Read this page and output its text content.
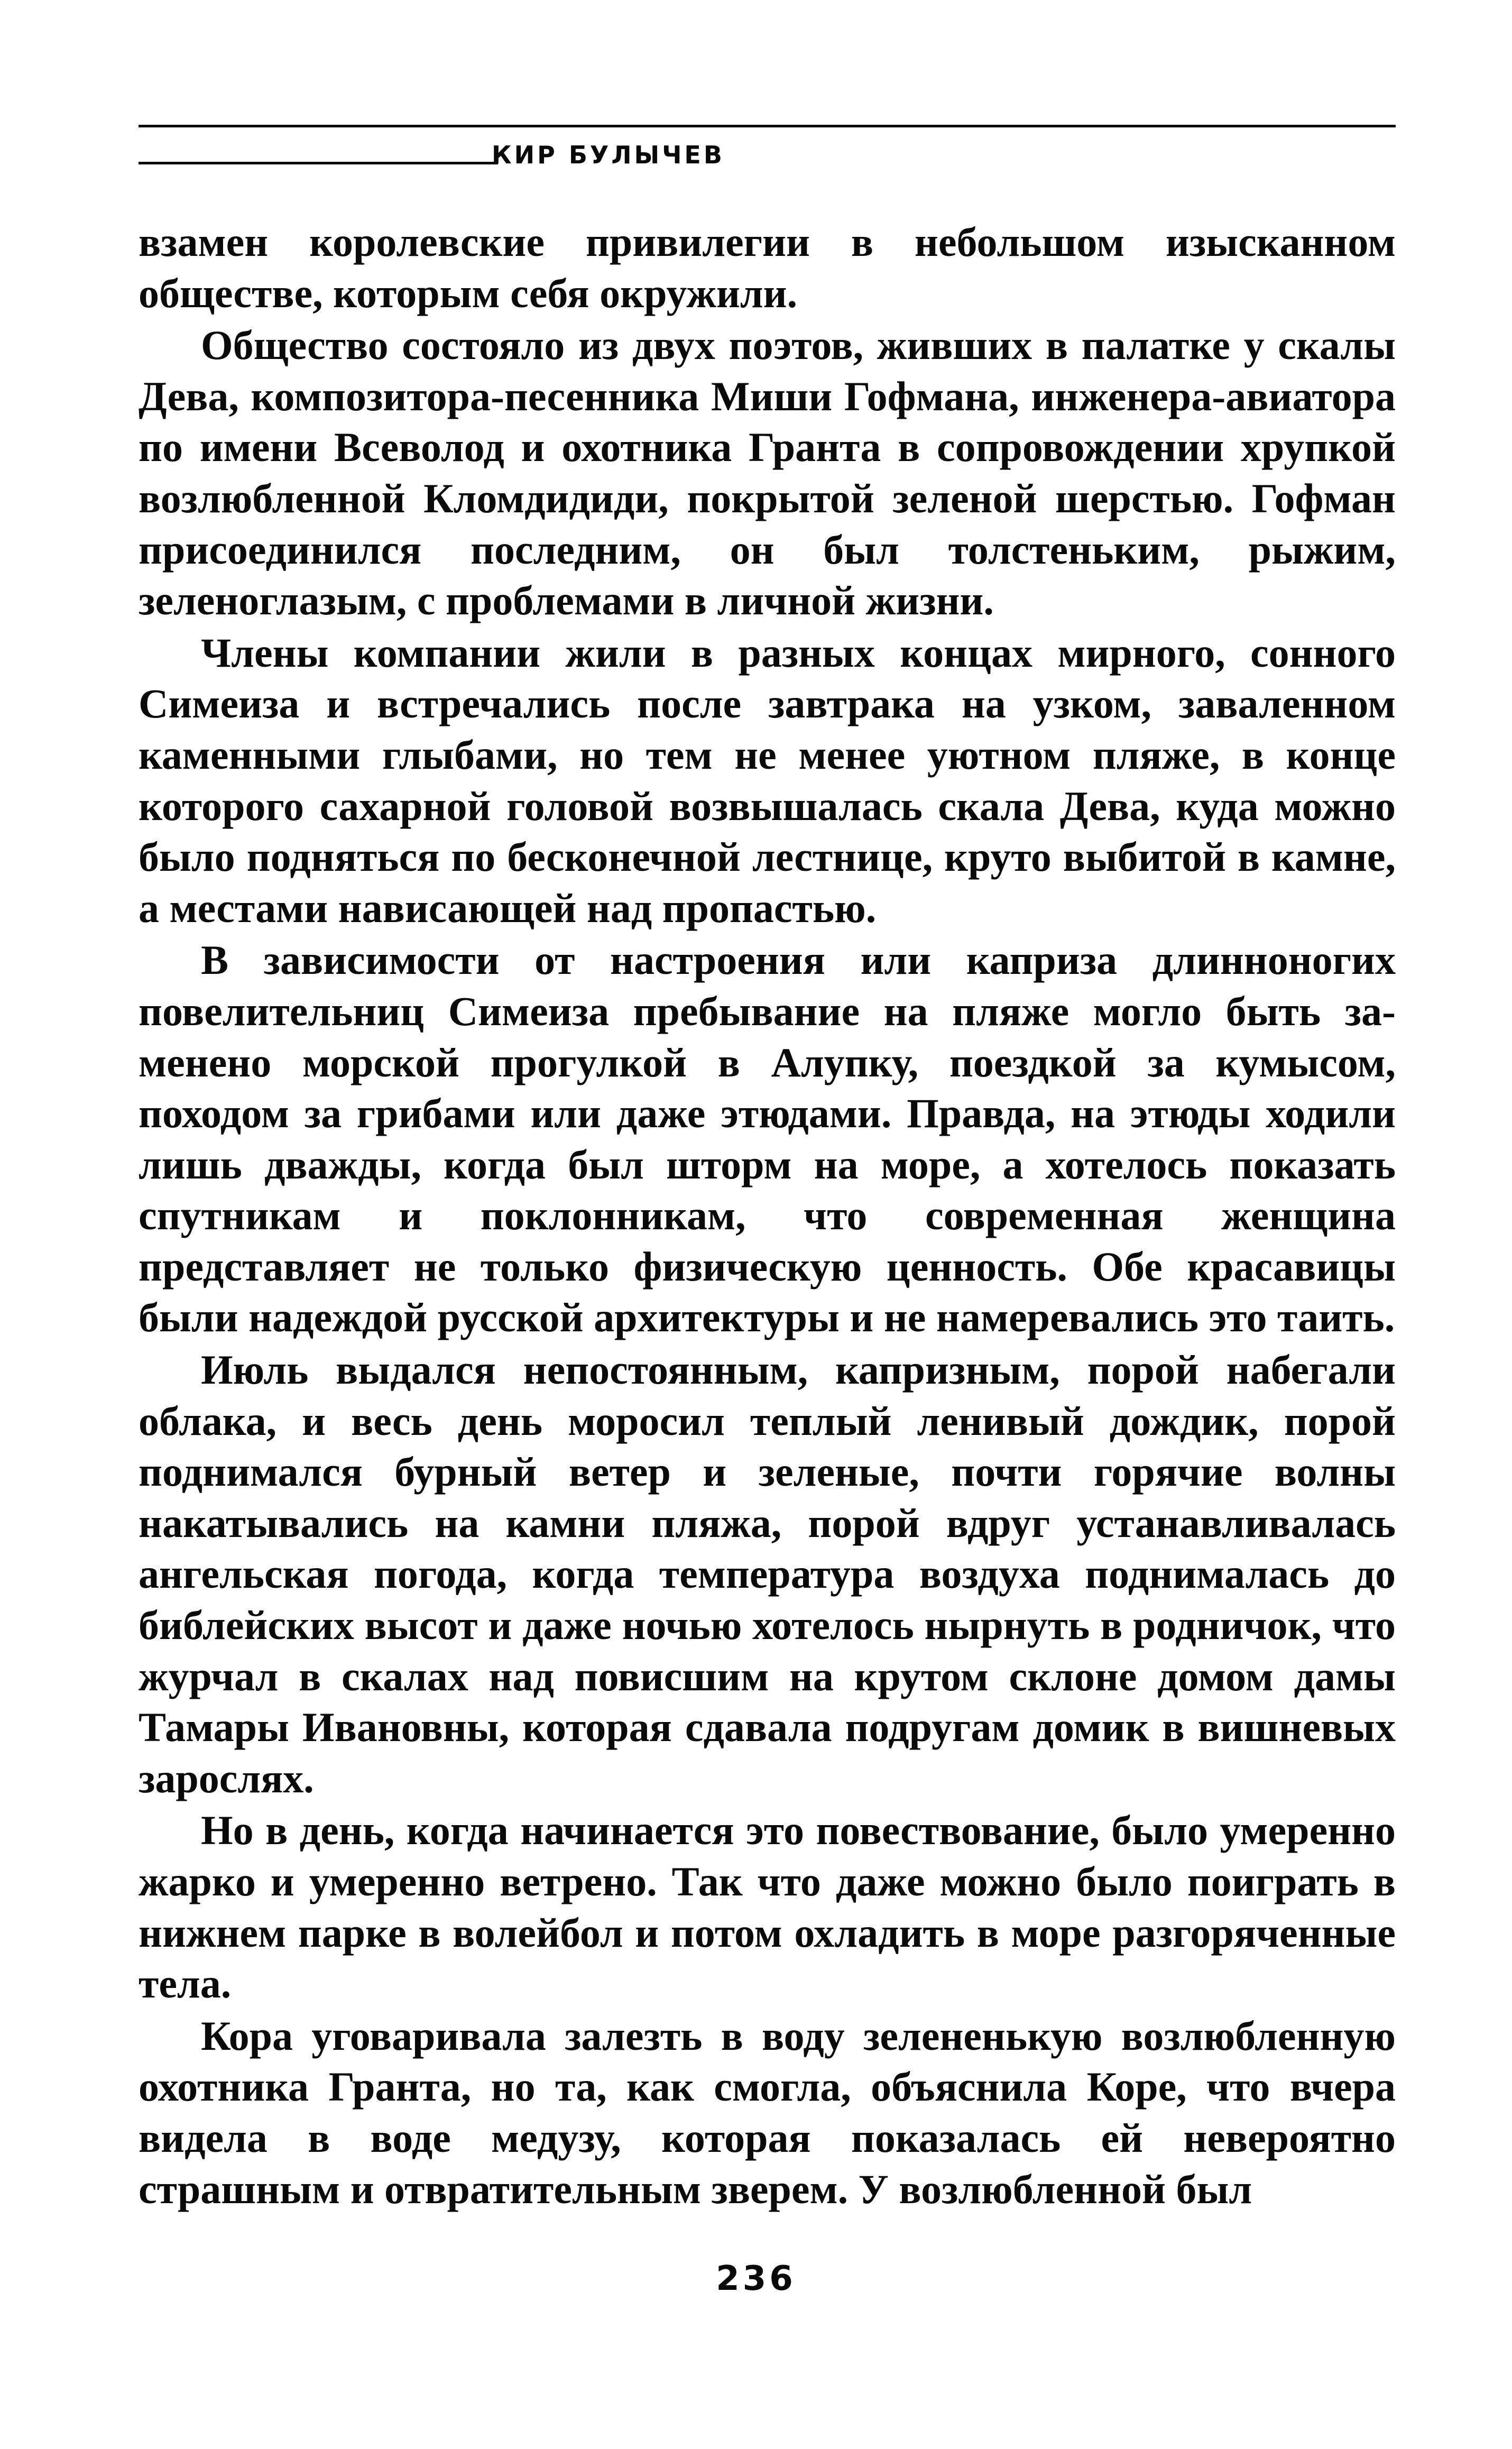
КИР БУЛЫЧЕВ

взамен королевские привилегии в небольшом изысканном обществе, которым себя окружили.

Общество состояло из двух поэтов, живших в палатке у скалы Дева, композитора-песенника Миши Гофмана, инженера-авиатора по имени Всеволод и охотника Гранта в сопровождении хрупкой возлюбленной Кломдидиди, покрытой зеленой шерстью. Гофман присоединился последним, он был толстеньким, рыжим, зеленоглазым, с проблемами в личной жизни.

Члены компании жили в разных концах мирного, сонного Симеиза и встречались после завтрака на узком, заваленном каменными глыбами, но тем не менее уютном пляже, в конце которого сахарной головой возвышалась скала Дева, куда можно было подняться по бесконечной лестнице, круто выбитой в камне, а местами нависающей над пропастью.

В зависимости от настроения или каприза длинноногих повелительниц Симеиза пребывание на пляже могло быть заменено морской прогулкой в Алупку, поездкой за кумысом, походом за грибами или даже этюдами. Правда, на этюды ходили лишь дважды, когда был шторм на море, а хотелось показать спутникам и поклонникам, что современная женщина представляет не только физическую ценность. Обе красавицы были надеждой русской архитектуры и не намеревались это таить.

Июль выдался непостоянным, капризным, порой набегали облака, и весь день моросил теплый ленивый дождик, порой поднимался бурный ветер и зеленые, почти горячие волны накатывались на камни пляжа, порой вдруг устанавливалась ангельская погода, когда температура воздуха поднималась до библейских высот и даже ночью хотелось нырнуть в родничок, что журчал в скалах над повисшим на крутом склоне домом дамы Тамары Ивановны, которая сдавала подругам домик в вишневых зарослях.

Но в день, когда начинается это повествование, было умеренно жарко и умеренно ветрено. Так что даже можно было поиграть в нижнем парке в волейбол и потом охладить в море разгоряченные тела.

Кора уговаривала залезть в воду зелененькую возлюбленную охотника Гранта, но та, как смогла, объяснила Коре, что вчера видела в воде медузу, которая показалась ей невероятно страшным и отвратительным зверем. У возлюбленной был

236
